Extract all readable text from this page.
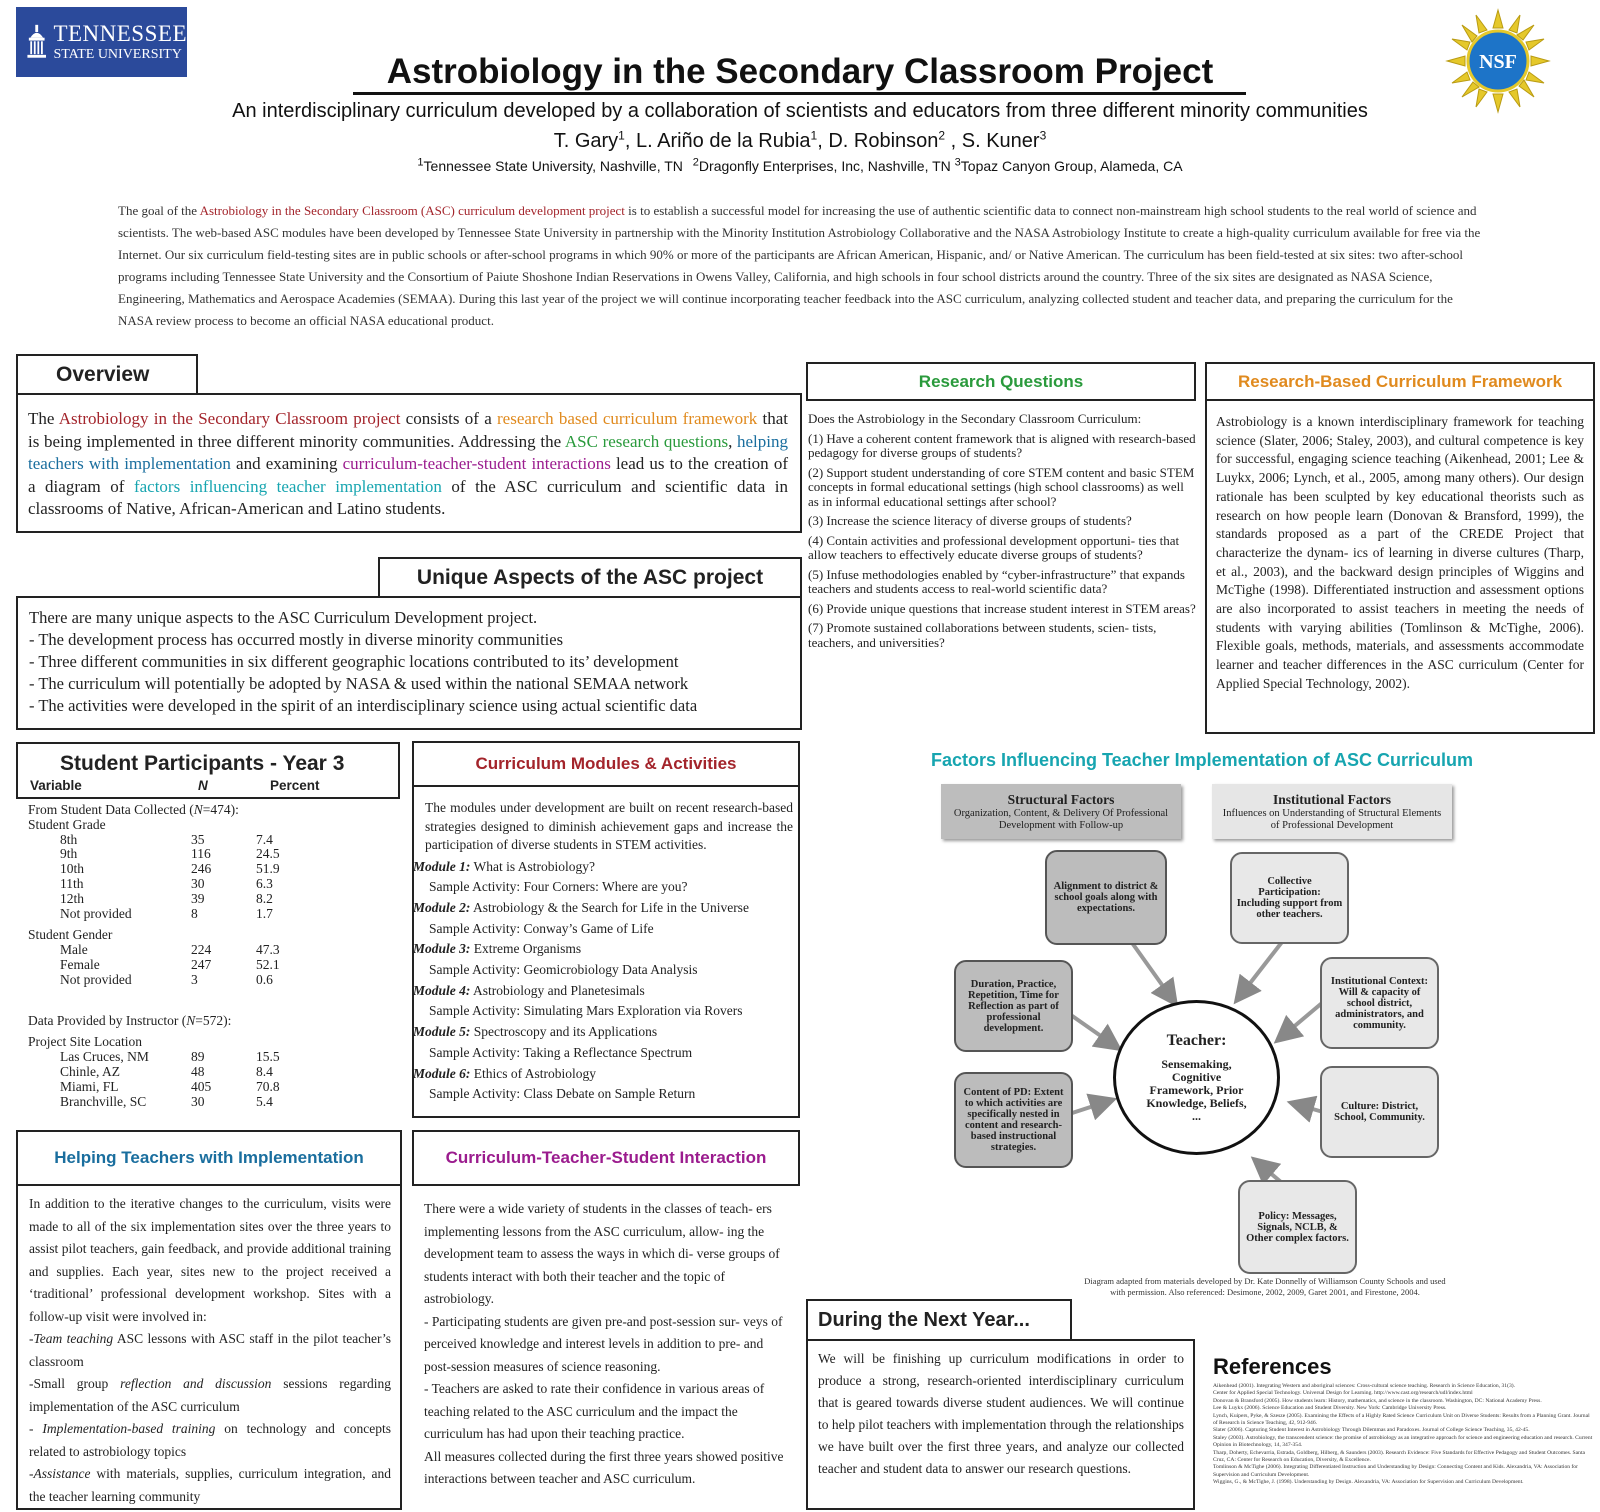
TENNESSEE
STATE UNIVERSITY	NSF
Astrobiology in the Secondary Classroom Project
An interdisciplinary curriculum developed by a collaboration of scientists and educators from three different minority communities
T. Gary$^1$, L. Ariño de la Rubia$^1$, D. Robinson$^2$ , S. Kuner$^3$
$^1$Tennessee State University, Nashville, TN $^2$Dragonfly Enterprises, Inc, Nashville, TN $^3$Topaz Canyon Group, Alameda, CA
The goal of the Astrobiology in the Secondary Classroom (ASC) curriculum development project is to establish a successful model for increasing the use of authentic scientific data to connect non-mainstream high school students to the real world of science and scientists. The web-based ASC modules have been developed by Tennessee State University in partnership with the Minority Institution Astrobiology Collaborative and the NASA Astrobiology Institute to create a high-quality curriculum available for free via the Internet. Our six curriculum field-testing sites are in public schools or after-school programs in which 90% or more of the participants are African American, Hispanic, and/ or Native American. The curriculum has been field-tested at six sites: two after-school programs including Tennessee State University and the Consortium of Paiute Shoshone Indian Reservations in Owens Valley, California, and high schools in four school districts around the country. Three of the six sites are designated as NASA Science, Engineering, Mathematics and Aerospace Academies (SEMAA). During this last year of the project we will continue incorporating teacher feedback into the ASC curriculum, analyzing collected student and teacher data, and preparing the curriculum for the NASA review process to become an official NASA educational product.
Overview
The Astrobiology in the Secondary Classroom project consists of a research based curriculum framework that is being implemented in three different minority communities. Addressing the ASC research questions, helping teachers with implementation and examining curriculum-teacher-student interactions lead us to the creation of a diagram of factors influencing teacher implementation of the ASC curriculum and scientific data in classrooms of Native, African-American and Latino students.
Unique Aspects of the ASC project
There are many unique aspects to the ASC Curriculum Development project.
- The development process has occurred mostly in diverse minority communities
- Three different communities in six different geographic locations contributed to its’ development
- The curriculum will potentially be adopted by NASA & used within the national SEMAA network
- The activities were developed in the spirit of an interdisciplinary science using actual scientific data
Research Questions
Does the Astrobiology in the Secondary Classroom Curriculum:
(1) Have a coherent content framework that is aligned with research-based pedagogy for diverse groups of students?
(2) Support student understanding of core STEM content and basic STEM concepts in formal educational settings (high school classrooms) as well as in informal educational settings after school?
(3) Increase the science literacy of diverse groups of students?
(4) Contain activities and professional development opportuni- ties that allow teachers to effectively educate diverse groups of students?
(5) Infuse methodologies enabled by “cyber-infrastructure” that expands teachers and students access to real-world scientific data?
(6) Provide unique questions that increase student interest in STEM areas?
(7) Promote sustained collaborations between students, scien- tists, teachers, and universities?
Research-Based Curriculum Framework
Astrobiology is a known interdisciplinary framework for teaching science (Slater, 2006; Staley, 2003), and cultural competence is key for successful, engaging science teaching (Aikenhead, 2001; Lee & Luykx, 2006; Lynch, et al., 2005, among many others). Our design rationale has been sculpted by key educational theorists such as research on how people learn (Donovan & Bransford, 1999), the standards proposed as a part of the CREDE Project that characterize the dynam- ics of learning in diverse cultures (Tharp, et al., 2003), and the backward design principles of Wiggins and McTighe (1998). Differentiated instruction and assessment options are also incorporated to assist teachers in meeting the needs of students with varying abilities (Tomlinson & McTighe, 2006). Flexible goals, methods, materials, and assessments accommodate learner and teacher differences in the ASC curriculum (Center for Applied Special Technology, 2002).
Student Participants - Year 3
Variable	N	Percent
From Student Data Collected (N=474):
Student Grade
8th	35	7.4
9th	116	24.5
10th	246	51.9
11th	30	6.3
12th	39	8.2
Not provided	8	1.7
Student Gender
Male	224	47.3
Female	247	52.1
Not provided	3	0.6
Data Provided by Instructor (N=572):
Project Site Location
Las Cruces, NM	89	15.5
Chinle, AZ	48	8.4
Miami, FL	405	70.8
Branchville, SC	30	5.4
Curriculum Modules & Activities
The modules under development are built on recent research-based strategies designed to diminish achievement gaps and increase the participation of diverse students in STEM activities.
Module 1: What is Astrobiology?
Sample Activity: Four Corners: Where are you?
Module 2: Astrobiology & the Search for Life in the Universe
Sample Activity: Conway’s Game of Life
Module 3: Extreme Organisms
Sample Activity: Geomicrobiology Data Analysis
Module 4: Astrobiology and Planetesimals
Sample Activity: Simulating Mars Exploration via Rovers
Module 5: Spectroscopy and its Applications
Sample Activity: Taking a Reflectance Spectrum
Module 6: Ethics of Astrobiology
Sample Activity: Class Debate on Sample Return
Helping Teachers with Implementation
In addition to the iterative changes to the curriculum, visits were made to all of the six implementation sites over the three years to assist pilot teachers, gain feedback, and provide additional training and supplies. Each year, sites new to the project received a ‘traditional’ professional development workshop. Sites with a follow-up visit were involved in:
-Team teaching ASC lessons with ASC staff in the pilot teacher’s classroom
-Small group reflection and discussion sessions regarding implementation of the ASC curriculum
- Implementation-based training on technology and concepts related to astrobiology topics
-Assistance with materials, supplies, curriculum integration, and the teacher learning community
Curriculum-Teacher-Student Interaction
There were a wide variety of students in the classes of teach- ers implementing lessons from the ASC curriculum, allow- ing the development team to assess the ways in which di- verse groups of students interact with both their teacher and the topic of astrobiology.
- Participating students are given pre-and post-session sur- veys of perceived knowledge and interest levels in addition to pre- and post-session measures of science reasoning.
- Teachers are asked to rate their confidence in various areas of teaching related to the ASC curriculum and the impact the curriculum has had upon their teaching practice.
All measures collected during the first three years showed positive interactions between teacher and ASC curriculum.
Factors Influencing Teacher Implementation of ASC Curriculum
Structural Factors
Organization, Content, & Delivery Of Professional Development with Follow-up
Institutional Factors
Influences on Understanding of Structural Elements of Professional Development
Alignment to district & school goals along with expectations.
Duration, Practice, Repetition, Time for Reflection as part of professional development.
Content of PD: Extent to which activities are specifically nested in content and research-based instructional strategies.
Collective Participation: Including support from other teachers.
Institutional Context: Will & capacity of school district, administrators, and community.
Culture: District, School, Community.
Policy: Messages, Signals, NCLB, & Other complex factors.
Teacher:
Sensemaking, Cognitive Framework, Prior Knowledge, Beliefs, ...
Diagram adapted from materials developed by Dr. Kate Donnelly of Williamson County Schools and used with permission. Also referenced: Desimone, 2002, 2009, Garet 2001, and Firestone, 2004.
During the Next Year...
We will be finishing up curriculum modifications in order to produce a strong, research-oriented interdisciplinary curriculum that is geared towards diverse student audiences. We will continue to help pilot teachers with implementation through the relationships we have built over the first three years, and analyze our collected teacher and student data to answer our research questions.
References
Aikenhead (2001). Integrating Western and aboriginal sciences: Cross-cultural science teaching. Research in Science Education, 31(3).
Center for Applied Special Technology. Universal Design for Learning. http://www.cast.org/research/udl/index.html
Donovan & Bransford (2005). How students learn: History, mathematics, and science in the classroom. Washington, DC: National Academy Press.
Lee & Luykx (2006). Science Education and Student Diversity. New York: Cambridge University Press.
Lynch, Kuipers, Pyke, & Szesze (2005). Examining the Effects of a Highly Rated Science Curriculum Unit on Diverse Students: Results from a Planning Grant. Journal of Research in Science Teaching, 42, 912-946.
Slater (2006). Capturing Student Interest in Astrobiology Through Dilemmas and Paradoxes. Journal of College Science Teaching, 35, 42-45.
Staley (2003). Astrobiology, the transcendent science: the promise of astrobiology as an integrative approach for science and engineering education and research. Current Opinion in Biotechnology, 14, 347-354.
Tharp, Doherty, Echevarria, Estrada, Goldberg, Hilberg, & Saunders (2003). Research Evidence: Five Standards for Effective Pedagogy and Student Outcomes. Santa Cruz, CA: Center for Research on Education, Diversity, & Excellence.
Tomlinson & McTighe (2006). Integrating Differentiated Instruction and Understanding by Design: Connecting Content and Kids. Alexandria, VA: Association for Supervision and Curriculum Development.
Wiggins, G., & McTighe, J. (1998). Understanding by Design. Alexandria, VA: Association for Supervision and Curriculum Development.
